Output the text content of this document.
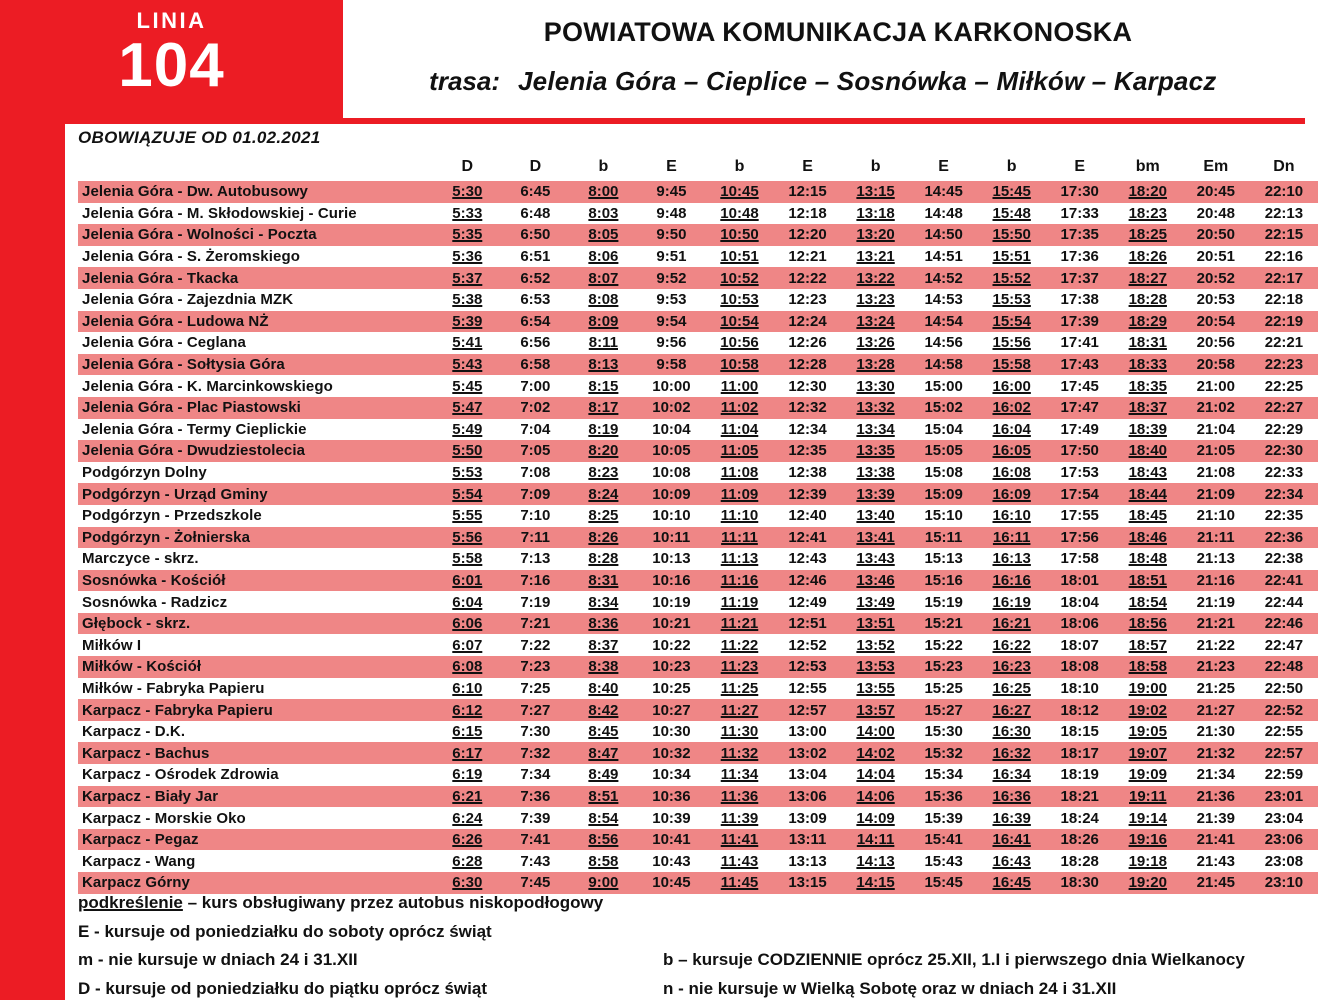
LINIA
104	POWIATOWA KOMUNIKACJA KARKONOSKA
trasa: Jelenia Góra – Cieplice – Sosnówka – Miłków – Karpacz
OBOWIĄZUJE OD 01.02.2021
	D	D	b	E	b	E	b	E	b	E	bm	Em	Dn
Jelenia Góra - Dw. Autobusowy	5:30	6:45	8:00	9:45	10:45	12:15	13:15	14:45	15:45	17:30	18:20	20:45	22:10
Jelenia Góra - M. Skłodowskiej - Curie	5:33	6:48	8:03	9:48	10:48	12:18	13:18	14:48	15:48	17:33	18:23	20:48	22:13
Jelenia Góra - Wolności - Poczta	5:35	6:50	8:05	9:50	10:50	12:20	13:20	14:50	15:50	17:35	18:25	20:50	22:15
Jelenia Góra - S. Żeromskiego	5:36	6:51	8:06	9:51	10:51	12:21	13:21	14:51	15:51	17:36	18:26	20:51	22:16
Jelenia Góra - Tkacka	5:37	6:52	8:07	9:52	10:52	12:22	13:22	14:52	15:52	17:37	18:27	20:52	22:17
Jelenia Góra - Zajezdnia MZK	5:38	6:53	8:08	9:53	10:53	12:23	13:23	14:53	15:53	17:38	18:28	20:53	22:18
Jelenia Góra - Ludowa NŻ	5:39	6:54	8:09	9:54	10:54	12:24	13:24	14:54	15:54	17:39	18:29	20:54	22:19
Jelenia Góra - Ceglana	5:41	6:56	8:11	9:56	10:56	12:26	13:26	14:56	15:56	17:41	18:31	20:56	22:21
Jelenia Góra - Sołtysia Góra	5:43	6:58	8:13	9:58	10:58	12:28	13:28	14:58	15:58	17:43	18:33	20:58	22:23
Jelenia Góra - K. Marcinkowskiego	5:45	7:00	8:15	10:00	11:00	12:30	13:30	15:00	16:00	17:45	18:35	21:00	22:25
Jelenia Góra - Plac Piastowski	5:47	7:02	8:17	10:02	11:02	12:32	13:32	15:02	16:02	17:47	18:37	21:02	22:27
Jelenia Góra - Termy Cieplickie	5:49	7:04	8:19	10:04	11:04	12:34	13:34	15:04	16:04	17:49	18:39	21:04	22:29
Jelenia Góra - Dwudziestolecia	5:50	7:05	8:20	10:05	11:05	12:35	13:35	15:05	16:05	17:50	18:40	21:05	22:30
Podgórzyn Dolny	5:53	7:08	8:23	10:08	11:08	12:38	13:38	15:08	16:08	17:53	18:43	21:08	22:33
Podgórzyn - Urząd Gminy	5:54	7:09	8:24	10:09	11:09	12:39	13:39	15:09	16:09	17:54	18:44	21:09	22:34
Podgórzyn - Przedszkole	5:55	7:10	8:25	10:10	11:10	12:40	13:40	15:10	16:10	17:55	18:45	21:10	22:35
Podgórzyn - Żołnierska	5:56	7:11	8:26	10:11	11:11	12:41	13:41	15:11	16:11	17:56	18:46	21:11	22:36
Marczyce - skrz.	5:58	7:13	8:28	10:13	11:13	12:43	13:43	15:13	16:13	17:58	18:48	21:13	22:38
Sosnówka - Kościół	6:01	7:16	8:31	10:16	11:16	12:46	13:46	15:16	16:16	18:01	18:51	21:16	22:41
Sosnówka - Radzicz	6:04	7:19	8:34	10:19	11:19	12:49	13:49	15:19	16:19	18:04	18:54	21:19	22:44
Głębock - skrz.	6:06	7:21	8:36	10:21	11:21	12:51	13:51	15:21	16:21	18:06	18:56	21:21	22:46
Miłków I	6:07	7:22	8:37	10:22	11:22	12:52	13:52	15:22	16:22	18:07	18:57	21:22	22:47
Miłków - Kościół	6:08	7:23	8:38	10:23	11:23	12:53	13:53	15:23	16:23	18:08	18:58	21:23	22:48
Miłków - Fabryka Papieru	6:10	7:25	8:40	10:25	11:25	12:55	13:55	15:25	16:25	18:10	19:00	21:25	22:50
Karpacz - Fabryka Papieru	6:12	7:27	8:42	10:27	11:27	12:57	13:57	15:27	16:27	18:12	19:02	21:27	22:52
Karpacz - D.K.	6:15	7:30	8:45	10:30	11:30	13:00	14:00	15:30	16:30	18:15	19:05	21:30	22:55
Karpacz - Bachus	6:17	7:32	8:47	10:32	11:32	13:02	14:02	15:32	16:32	18:17	19:07	21:32	22:57
Karpacz - Ośrodek Zdrowia	6:19	7:34	8:49	10:34	11:34	13:04	14:04	15:34	16:34	18:19	19:09	21:34	22:59
Karpacz - Biały Jar	6:21	7:36	8:51	10:36	11:36	13:06	14:06	15:36	16:36	18:21	19:11	21:36	23:01
Karpacz - Morskie Oko	6:24	7:39	8:54	10:39	11:39	13:09	14:09	15:39	16:39	18:24	19:14	21:39	23:04
Karpacz - Pegaz	6:26	7:41	8:56	10:41	11:41	13:11	14:11	15:41	16:41	18:26	19:16	21:41	23:06
Karpacz - Wang	6:28	7:43	8:58	10:43	11:43	13:13	14:13	15:43	16:43	18:28	19:18	21:43	23:08
Karpacz Górny	6:30	7:45	9:00	10:45	11:45	13:15	14:15	15:45	16:45	18:30	19:20	21:45	23:10
podkreślenie – kurs obsługiwany przez autobus niskopodłogowy
E - kursuje od poniedziałku do soboty oprócz świąt
m - nie kursuje w dniach 24 i 31.XII	b – kursuje CODZIENNIE oprócz 25.XII, 1.I i pierwszego dnia Wielkanocy
D - kursuje od poniedziałku do piątku oprócz świąt	n - nie kursuje w Wielką Sobotę oraz w dniach 24 i 31.XII
